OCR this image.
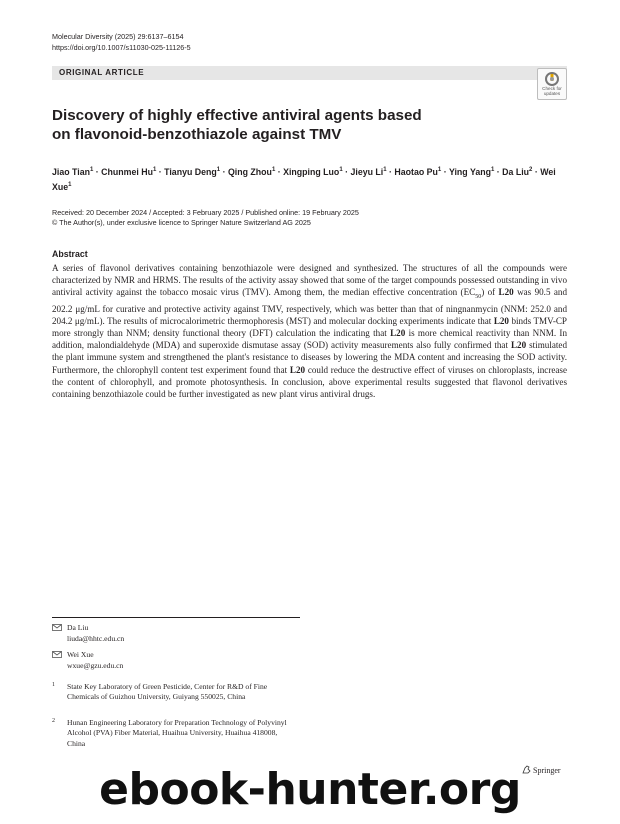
Molecular Diversity (2025) 29:6137–6154
https://doi.org/10.1007/s11030-025-11126-5
ORIGINAL ARTICLE
Check for
updates
Discovery of highly effective antiviral agents based
on flavonoid-benzothiazole against TMV
Jiao Tian$^1$ · Chunmei $Hu^1$ · Tianyu Deng$^1$ · Qing Zhou$^1$ · Xingping Luo$^1$ · Jieyu $Li^1$ · Haotao $Pu^1$ · Ying Yang$^1$ · Da Liu$^2$ · Wei Xue$^1$
Received: 20 December 2024 / Accepted: 3 February 2025 / Published online: 19 February 2025
© The Author(s), under exclusive licence to Springer Nature Switzerland AG 2025
Abstract
A series of flavonol derivatives containing benzothiazole were designed and synthesized. The structures of all the compounds were characterized by NMR and HRMS. The results of the activity assay showed that some of the target compounds possessed outstanding in vivo antiviral activity against the tobacco mosaic virus (TMV). Among them, the median effective concentration $(EC_{50})$ of L20 was 90.5 and 202.2 μg/mL for curative and protective activity against TMV, respectively, which was better than that of ningnanmycin (NNM: 252.0 and 204.2 μg/mL). The results of microcalorimetric thermophoresis (MST) and molecular docking experiments indicate that L20 binds TMV-CP more strongly than NNM; density functional theory (DFT) calculation the indicating that L20 is more chemical reactivity than NNM. In addition, malondialdehyde (MDA) and superoxide dismutase assay (SOD) activity measurements also fully confirmed that L20 stimulated the plant immune system and strengthened the plant's resistance to diseases by lowering the MDA content and increasing the SOD activity. Furthermore, the chlorophyll content test experiment found that L20 could reduce the destructive effect of viruses on chloroplasts, increase the content of chlorophyll, and promote photosynthesis. In conclusion, above experimental results suggested that flavonol derivatives containing benzothiazole could be further investigated as new plant virus antiviral drugs.
Da Liu
liuda@hhtc.edu.cn
Wei Xue
wxue@gzu.edu.cn
1 State Key Laboratory of Green Pesticide, Center for R&D of Fine Chemicals of Guizhou University, Guiyang 550025, China
2 Hunan Engineering Laboratory for Preparation Technology of Polyvinyl Alcohol (PVA) Fiber Material, Huaihua University, Huaihua 418008, China
Springer
ebook-hunter.org
